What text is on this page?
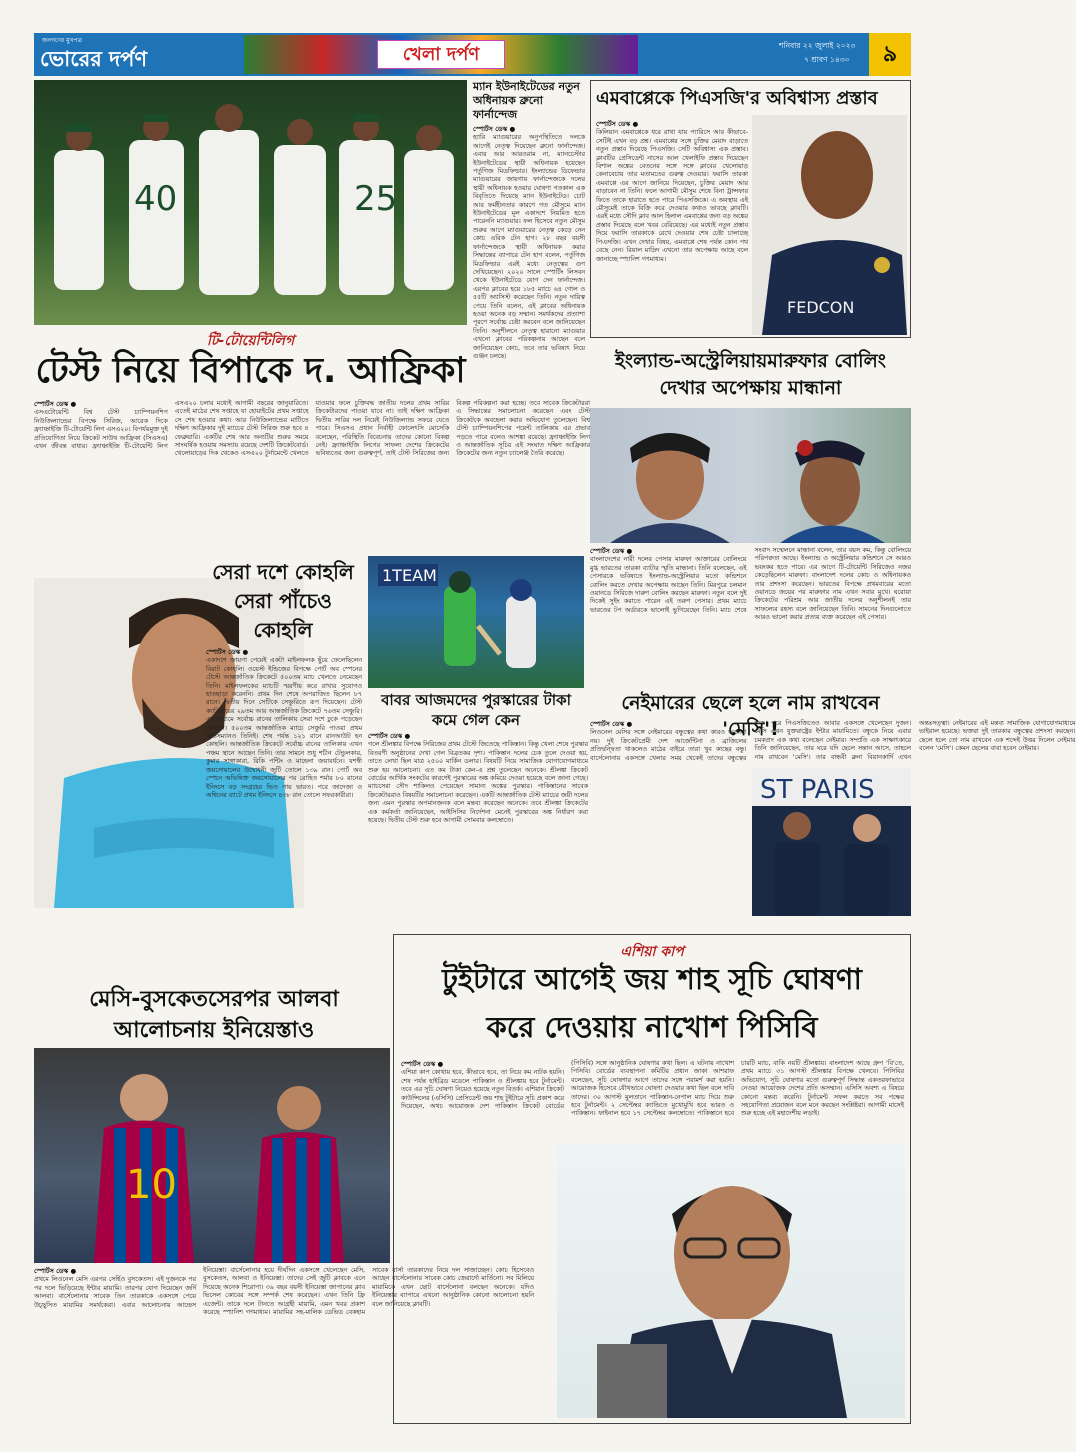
জনগণের মুখপত্র
ভোরের দর্পণ	খেলা দর্পণ	শনিবার ২২ জুলাই ২০২৩
৭ শ্রাবণ ১৪৩০	৯
40	25
টি-টোয়েন্টিলিগ
টেস্ট নিয়ে বিপাকে দ. আফ্রিকা
স্পোর্টস ডেস্ক ●
এসএটোয়েন্টি বিশ্ব টেস্ট চ্যাম্পিয়নশিপ নিউজিল্যান্ডের বিপক্ষে সিরিজ, আরেক দিকে ফ্র্যাঞ্চাইজি টি-টোয়েন্টি লিগ এসএ২০। বিপর্যয়মুক্ত দুই প্রতিযোগিতা নিয়ে ক্রিকেট সাউথ আফ্রিকা (সিএসএ) এখন জীবন্ত বাধার। ফ্র্যাঞ্চাইজি টি-টোয়েন্টি লিগ এসএ২০ চলার মধ্যেই আগামী বছরের জানুয়ারিতে। এতেই মাঠের শেষ সপ্তাহে যা হোয়াইটের প্রথম সপ্তাহে সে শেষ হওয়ার কথা। আর নিউজিল্যান্ডের মাটিতে দক্ষিণ আফ্রিকার দুই ম্যাচের টেস্ট সিরিজ শুরু হবে ৪ ফেব্রুয়ারি। একটির শেষ আর অন্যটির শুরুর সময়ে সাংঘর্ষিক হওয়ায় সমস্যায় রয়েছে দেশটি ক্রিকেটবোর্ড। খেলোয়াড়ের দিক থেকেও এসএ২০ টুর্নামেন্টে খেলতে যাওয়ার ফলে চুক্তিবদ্ধ জাতীয় দলের প্রথম সারির ক্রিকেটারদের পাওয়া যাবে না। তাই দক্ষিণ আফ্রিকা দ্বিতীয় সারির দল নিয়েই নিউজিল্যান্ড সফরে যেতে পারে। সিএসএ প্রধান নির্বাহী ফোলেৎসি মোসেকি বলেছেন, পরিস্থিতি বিবেচনায় তাদের কোনো বিকল্প নেই। ফ্র্যাঞ্চাইজি লিগের সাফল্য দেশের ক্রিকেটের ভবিষ্যতের জন্য গুরুত্বপূর্ণ, তাই টেস্ট সিরিজের জন্য বিকল্প পরিকল্পনা করা হচ্ছে। তবে সাবেক ক্রিকেটাররা এ সিদ্ধান্তের সমালোচনা করেছেন এবং টেস্ট ক্রিকেটকে অবহেলা করার অভিযোগ তুলেছেন। বিশ্ব টেস্ট চ্যাম্পিয়নশিপের পয়েন্ট তালিকায় এর প্রভাব পড়তে পারে বলেও আশঙ্কা রয়েছে। ফ্র্যাঞ্চাইজি লিগ ও আন্তর্জাতিক সূচির এই সংঘাত দক্ষিণ আফ্রিকার ক্রিকেটের জন্য নতুন চ্যালেঞ্জ তৈরি করেছে।
ম্যান ইউনাইটেডের নতুন অধিনায়ক ব্রুনো ফার্নান্দেজ
স্পোর্টস ডেস্ক ●
হ্যারি ম্যাগুয়ারের অনুপস্থিতিতে দলকে আগেই নেতৃত্ব দিয়েছেন ব্রুনো ফার্নান্দেজ। এবার আর আরওরাম না, ম্যানচেস্টার ইউনাইটেডের স্থায়ী অধিনায়ক হয়েছেন পর্তুগিজ মিডফিল্ডার। ইংল্যান্ডের ডিফেন্ডার ম্যাগুয়ারের জায়গায় ফার্নান্দেজকে দলের স্থায়ী অধিনায়ক হওয়ার ঘোষণা গতকাল এক বিবৃতিতে দিয়েছে ম্যান ইউনাইটেড। চোট আর ফর্মহীনতার কারণে গত মৌসুমে ম্যান ইউনাইটেডের মূল একাদশে নিয়মিত হতে পারেননি ম্যাগুয়ার। ফল হিসেবে নতুন মৌসুম শুরুর আগে ম্যাগুয়ারের নেতৃত্ব কেড়ে নেন কোচ এরিক টেন হাগ। ২৮ বছর বয়সী ফার্নান্দেজকে স্থায়ী অধিনায়ক করার সিদ্ধান্তের ব্যাপারে টেন হাগ বলেন, পর্তুগিজ মিডফিল্ডার এরই মধ্যে নেতৃত্বের গুণ দেখিয়েছেন। ২০২০ সালে স্পোর্টিং লিসবন থেকে ইউনাইটেডে যোগ দেন ফার্নান্দেজ। এরপর ক্লাবের হয়ে ১৮৫ ম্যাচে ৬৪ গোল ও ৫৫টি অ্যাসিস্ট করেছেন তিনি। নতুন দায়িত্ব পেয়ে তিনি বলেন, এই ক্লাবের অধিনায়ক হওয়া অনেক বড় সম্মান। সমর্থকদের প্রত্যাশা পূরণে সর্বোচ্চ চেষ্টা করবেন বলে জানিয়েছেন তিনি। অনুশীলনে নেতৃত্ব হারানো ম্যাগুয়ার এখনো ক্লাবের পরিকল্পনায় আছেন বলে জানিয়েছেন কোচ, তবে তার ভবিষ্যৎ নিয়ে গুঞ্জন চলছে।
এমবাপ্পেকে পিএসজি'র অবিশ্বাস্য প্রস্তাব
স্পোর্টস ডেস্ক ●
কিলিয়ান এমবাপ্পেকে ধরে রাখা যায় প্যারিসে আর কীভাবে-সেটিই এখন বড় প্রশ্ন। এমবাপ্পের সঙ্গে চুক্তির মেয়াদ বাড়াতে নতুন প্রস্তাব দিয়েছে পিএসজি। সেটি অবিশ্বাস্য এক প্রস্তাব। ক্লাবটির প্রেসিডেন্ট নাসের আল খেলাইফি প্রস্তাব দিয়েছেন বিশাল অঙ্কের বেতনের সঙ্গে সঙ্গে ক্লাবের খেলোয়াড় কেনাবেচায় তার মতামতের গুরুত্ব দেওয়ার। ফরাসি তারকা এমবাপ্পে এর আগে জানিয়ে দিয়েছেন, চুক্তির মেয়াদ আর বাড়াবেন না তিনি। ফলে আগামী মৌসুম শেষে বিনা ট্রান্সফার ফিতে তাকে হারাতে হতে পারে পিএসজিকে। এ অবস্থায় এই মৌসুমেই তাকে বিক্রি করে দেওয়ার কথাও ভাবছে ক্লাবটি। এরই মধ্যে সৌদি ক্লাব আল হিলাল এমবাপ্পের জন্য বড় অঙ্কের প্রস্তাব দিয়েছে বলে খবর বেরিয়েছে। এর মধ্যেই নতুন প্রস্তাব দিয়ে ফরাসি তারকাকে রেখে দেওয়ার শেষ চেষ্টা চালাচ্ছে পিএসজি। এখন দেখার বিষয়, এমবাপ্পে শেষ পর্যন্ত কোন পথ বেছে নেন। রিয়াল মাদ্রিদ এখনো তার অপেক্ষায় আছে বলে জানাচ্ছে স্প্যানিশ গণমাধ্যম।
FEDCON
ইংল্যান্ড-অস্ট্রেলিয়ায়মারুফার বোলিং দেখার অপেক্ষায় মান্ধানা
স্পোর্টস ডেস্ক ●
বাংলাদেশের নারী দলের পেসার মারুফা আক্তারের বোলিংয়ে মুগ্ধ ভারতের তারকা ব্যাটার স্মৃতি মান্ধানা। তিনি বলেছেন, এই পেসারকে ভবিষ্যতে ইংল্যান্ড-অস্ট্রেলিয়ার মতো কন্ডিশনে বোলিং করতে দেখার অপেক্ষায় আছেন তিনি। মিরপুরে চলমান ওয়ানডে সিরিজে দারুণ বোলিং করছেন মারুফা। নতুন বলে দুই দিকেই সুইং করাতে পারেন এই তরুণ পেসার। প্রথম ম্যাচে ভারতের টপ অর্ডারকে ভালোই ভুগিয়েছেন তিনি। ম্যাচ শেষে সংবাদ সম্মেলনে মান্ধানা বলেন, তার বয়স কম, কিন্তু বোলিংয়ে পরিপক্বতা আছে। ইংল্যান্ড ও অস্ট্রেলিয়ার কন্ডিশনে সে আরও ভয়ংকর হতে পারে। এর আগে টি-টোয়েন্টি সিরিজেও নজর কেড়েছিলেন মারুফা। বাংলাদেশ দলের কোচ ও অধিনায়কও তার প্রশংসা করেছেন। ভারতের বিপক্ষে প্রথমবারের মতো ওয়ানডে জয়ের পর মারুফার নাম এখন সবার মুখে। ঘরোয়া ক্রিকেটের পরিশ্রম আর জাতীয় দলের অনুশীলনই তার সাফল্যের রহস্য বলে জানিয়েছেন তিনি। সামনের দিনগুলোতে আরও ভালো করার প্রত্যয় ব্যক্ত করেছেন এই পেসার।
সেরা দশে কোহলি
সেরা পাঁচেও
কোহলি
স্পোর্টস ডেস্ক ●
একাদশে জায়গা পেয়েই একটা মাইলফলক ছুঁয়ে ফেলেছিলেন বিরাট কোহলি। ওয়েস্ট ইন্ডিজের বিপক্ষে পোর্ট অব স্পেনের টেস্টে আন্তর্জাতিক ক্রিকেটে ৫০০তম ম্যাচ খেলতে নেমেছেন তিনি। মাইলফলকের ম্যাচটি স্মরণীয় করে রাখার সুযোগও হাতছাড়া করেননি। প্রথম দিন শেষে অপরাজিত ছিলেন ৮৭ রানে। দ্বিতীয় দিনে সেটিকে সেঞ্চুরিতে রূপ দিয়েছেন। টেস্ট ক্যারিয়ারের ২৯তম আর আন্তর্জাতিক ক্রিকেটে ৭৬তম সেঞ্চুরি। এর মাধ্যমে সর্বোচ্চ রানের তালিকায় সেরা দশে ঢুকে পড়েছেন কোহলি। ৫০০তম আন্তর্জাতিক ম্যাচে সেঞ্চুরি পাওয়া প্রথম ব্যাটসম্যানও তিনিই। শেষ পর্যন্ত ১২১ রানে রানআউট হন কোহলি। আন্তর্জাতিক ক্রিকেটে সর্বোচ্চ রানের তালিকায় এখন পঞ্চম স্থানে আছেন তিনি। তার সামনে শুধু শচীন টেন্ডুলকার, কুমার সাঙ্গাকারা, রিকি পন্টিং ও মাহেলা জয়াবর্ধনে। যশস্বী জয়সোয়ালের উদ্বোধনী জুটি তোলে ১৩৯ রান। পোর্ট অব স্পেনে অভিষিক্ত জয়সোয়ালের পর রোহিত শর্মার ৮০ রানের ইনিংসে বড় সংগ্রহের ভিত পায় ভারত। পরে জাদেজা ও অশ্বিনের ব্যাটে প্রথম ইনিংসে ৪৩৮ রান তোলে সফরকারীরা।
1TEAM
বাবর আজমদের পুরস্কারের টাকা কমে গেল কেন
স্পোর্টস ডেস্ক ●
গলে শ্রীলঙ্কার বিপক্ষে সিরিজের প্রথম টেস্টে জিতেছে পাকিস্তান। কিন্তু খেলা শেষে পুরস্কার বিতরণী অনুষ্ঠানের দেখা গেল বিব্রতকর দৃশ্য। পাকিস্তান দলের চেক তুলে দেওয়া হয়, তাতে লেখা ছিল মাত্র ২৫০০ মার্কিন ডলার। বিষয়টি নিয়ে সামাজিক যোগাযোগমাধ্যমে শুরু হয় আলোচনা। এত কম টাকা কেন-এ প্রশ্ন তুলেছেন অনেকে। শ্রীলঙ্কা ক্রিকেট বোর্ডের আর্থিক সংকটের কারণেই পুরস্কারের অঙ্ক কমিয়ে দেওয়া হয়েছে বলে জানা গেছে। ম্যাচসেরা সৌদ শাকিলও পেয়েছেন সামান্য অঙ্কের পুরস্কার। পাকিস্তানের সাবেক ক্রিকেটাররাও বিষয়টির সমালোচনা করেছেন। একটি আন্তর্জাতিক টেস্ট ম্যাচের জয়ী দলের জন্য এমন পুরস্কার অপমানজনক বলে মন্তব্য করেছেন অনেকে। তবে শ্রীলঙ্কা ক্রিকেটের এক কর্মকর্তা জানিয়েছেন, আইসিসির নির্দেশনা মেনেই পুরস্কারের অঙ্ক নির্ধারণ করা হয়েছে। দ্বিতীয় টেস্ট শুরু হবে আগামী সোমবার কলম্বোতে।
নেইমারের ছেলে হলে নাম রাখবেন 'মেসি'!
স্পোর্টস ডেস্ক ●
লিওনেল মেসির সঙ্গে নেইমারের বন্ধুত্বের কথা কারও অজানা নয়। দুই ক্রিকেটপ্রেমী দেশ আর্জেন্টিনা ও ব্রাজিলের প্রতিদ্বন্দ্বিতা থাকলেও মাঠের বাইরে তারা খুব কাছের বন্ধু। বার্সেলোনায় একসঙ্গে খেলার সময় থেকেই তাদের বন্ধুত্বের শুরু। পরে পিএসজিতেও আবার একসঙ্গে খেলেছেন দুজন। মেসি এখন যুক্তরাষ্ট্রের ইন্টার মায়ামিতে। বন্ধুকে নিয়ে এবার চমকপ্রদ এক কথা বলেছেন নেইমার। সম্প্রতি এক সাক্ষাৎকারে তিনি জানিয়েছেন, তার ঘরে যদি ছেলে সন্তান আসে, তাহলে নাম রাখবেন 'মেসি'। তার বান্ধবী ব্রুনা বিয়ানকার্দি এখন অন্তঃসত্ত্বা। নেইমারের এই মন্তব্য সামাজিক যোগাযোগমাধ্যমে ভাইরাল হয়েছে। ভক্তরা দুই তারকার বন্ধুত্বের প্রশংসা করছেন। ছেলে হলে তো নাম রাখবেন এক শব্দেই উত্তর দিলেন নেইমার বলেন 'মেসি'। কেমন ছেলের বাবা হবেন নেইমার।
ST PARIS
মেসি-বুসকেতসেরপর আলবা
আলোচনায় ইনিয়েস্তাও
10
স্পোর্টস ডেস্ক ●
প্রথমে লিওনেল মেসি এরপর সের্হিও বুসকেতস। এই দুজনকে পর পর দলে ভিড়িয়েছে ইন্টার মায়ামি। তারপর যোগ দিয়েছেন জর্দি আলবা। বার্সেলোনার সাবেক তিন তারকাকে একসঙ্গে পেয়ে উচ্ছ্বসিত মায়ামির সমর্থকেরা। এবার আলোচনায় আন্দ্রেস ইনিয়েস্তা। বার্সেলোনার হয়ে দীর্ঘদিন একসঙ্গে খেলেছেন মেসি, বুসকেতস, আলবা ও ইনিয়েস্তা। তাদের সেই জুটি ক্লাবকে এনে দিয়েছে অনেক শিরোপা। ৩৯ বছর বয়সী ইনিয়েস্তা জাপানের ক্লাব ভিসেল কোবের সঙ্গে সম্পর্ক শেষ করেছেন। এখন তিনি ফ্রি এজেন্ট। তাকে দলে টানতে আগ্রহী মায়ামি, এমন খবর প্রকাশ করেছে স্প্যানিশ গণমাধ্যম। মায়ামির সহ-মালিক ডেভিড বেকহাম সাবেক বার্সা তারকাদের নিয়ে দল সাজাচ্ছেন। কোচ হিসেবেও আছেন বার্সেলোনার সাবেক কোচ জেরার্দো মার্তিনো। সব মিলিয়ে মায়ামিকে এখন ছোট বার্সেলোনা বলছেন অনেকে। যদিও ইনিয়েস্তার ব্যাপারে এখনো আনুষ্ঠানিক কোনো আলোচনা হয়নি বলে জানিয়েছে ক্লাবটি।
এশিয়া কাপ
টুইটারে আগেই জয় শাহ সূচি ঘোষণা
করে দেওয়ায় নাখোশ পিসিবি
স্পোর্টস ডেস্ক ●
এশিয়া কাপ কোথায় হবে, কীভাবে হবে, তা নিয়ে কম নাটক হয়নি। শেষ পর্যন্ত হাইব্রিড মডেলে পাকিস্তান ও শ্রীলঙ্কায় হবে টুর্নামেন্ট। তবে এর সূচি ঘোষণা নিয়েও হয়েছে নতুন বিতর্ক। এশিয়ান ক্রিকেট কাউন্সিলের (এসিসি) প্রেসিডেন্ট জয় শাহ টুইটারে সূচি প্রকাশ করে দিয়েছেন, অথচ আয়োজক দেশ পাকিস্তান ক্রিকেট বোর্ডের (পিসিবি) সঙ্গে আনুষ্ঠানিক ঘোষণার কথা ছিল। এ ঘটনায় নাখোশ পিসিবি। বোর্ডের ব্যবস্থাপনা কমিটির প্রধান জাকা আশরাফ বলেছেন, সূচি ঘোষণার আগে তাদের সঙ্গে পরামর্শ করা হয়নি। আয়োজক হিসেবে যৌথভাবে ঘোষণা দেওয়ার কথা ছিল বলে দাবি তাদের। ৩০ আগস্ট মুলতানে পাকিস্তান-নেপাল ম্যাচ দিয়ে শুরু হবে টুর্নামেন্ট। ২ সেপ্টেম্বর ক্যান্ডিতে মুখোমুখি হবে ভারত ও পাকিস্তান। ফাইনাল হবে ১৭ সেপ্টেম্বর কলম্বোতে। পাকিস্তানে হবে চারটি ম্যাচ, বাকি নয়টি শ্রীলঙ্কায়। বাংলাদেশ আছে গ্রুপ 'বি'তে, প্রথম ম্যাচে ৩১ আগস্ট শ্রীলঙ্কার বিপক্ষে খেলবে। পিসিবির অভিযোগ, সূচি ঘোষণার মতো গুরুত্বপূর্ণ সিদ্ধান্ত একতরফাভাবে নেওয়া আয়োজক দেশের প্রতি অসম্মান। এসিসি অবশ্য এ বিষয়ে কোনো মন্তব্য করেনি। টুর্নামেন্ট সফল করতে সব পক্ষের সহযোগিতা প্রয়োজন বলে মনে করছেন সংশ্লিষ্টরা। আগামী মাসেই শুরু হচ্ছে এই মহাদেশীয় লড়াই।
